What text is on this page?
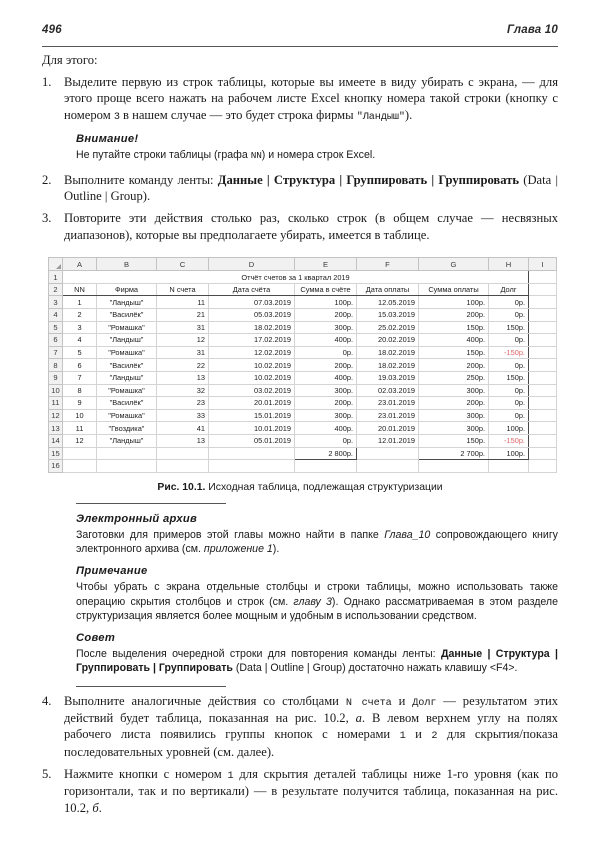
496	Глава 10

Для этого:

1. Выделите первую из строк таблицы, которые вы имеете в виду убирать с экрана, — для этого проще всего нажать на рабочем листе Excel кнопку номера такой строки (кнопку с номером 3 в нашем случае — это будет строка фирмы "Ландыш").
Внимание!
Не путайте строки таблицы (графа NN) и номера строк Excel.
2. Выполните команду ленты: Данные | Структура | Группировать | Группировать (Data | Outline | Group).
3. Повторите эти действия столько раз, сколько строк (в общем случае — несвязных диапазонов), которые вы предполагаете убирать, имеется в таблице.
	A	B	C	D	E	F	G	H	I
1	Отчёт счетов за 1 квартал 2019								
2	NN	Фирма	N счета	Дата счёта	Сумма в счёте	Дата оплаты	Сумма оплаты	Долг	
3	1	"Ландыш"	11	07.03.2019	100р.	12.05.2019	100р.	0р.	
4	2	"Василёк"	21	05.03.2019	200р.	15.03.2019	200р.	0р.	
5	3	"Ромашка"	31	18.02.2019	300р.	25.02.2019	150р.	150р.	
6	4	"Ландыш"	12	17.02.2019	400р.	20.02.2019	400р.	0р.	
7	5	"Ромашка"	31	12.02.2019	0р.	18.02.2019	150р.	-150р.	
8	6	"Василёк"	22	10.02.2019	200р.	18.02.2019	200р.	0р.	
9	7	"Ландыш"	13	10.02.2019	400р.	19.03.2019	250р.	150р.	
10	8	"Ромашка"	32	03.02.2019	300р.	02.03.2019	300р.	0р.	
11	9	"Василёк"	23	20.01.2019	200р.	23.01.2019	200р.	0р.	
12	10	"Ромашка"	33	15.01.2019	300р.	23.01.2019	300р.	0р.	
13	11	"Гвоздика"	41	10.01.2019	400р.	20.01.2019	300р.	100р.	
14	12	"Ландыш"	13	05.01.2019	0р.	12.01.2019	150р.	-150р.	
15					2 800р.		2 700р.	100р.	
16									
Рис. 10.1. Исходная таблица, подлежащая структуризации
Электронный архив
Заготовки для примеров этой главы можно найти в папке Глава_10 сопровождающего книгу электронного архива (см. приложение 1).
Примечание
Чтобы убрать с экрана отдельные столбцы и строки таблицы, можно использовать также операцию скрытия столбцов и строк (см. главу 3). Однако рассматриваемая в этом разделе структуризация является более мощным и удобным в использовании средством.
Совет
После выделения очередной строки для повторения команды ленты: Данные | Структура | Группировать | Группировать (Data | Outline | Group) достаточно нажать клавишу <F4>.
4. Выполните аналогичные действия со столбцами N счета и Долг — результатом этих действий будет таблица, показанная на рис. 10.2, а. В левом верхнем углу на полях рабочего листа появились группы кнопок с номерами 1 и 2 для скрытия/показа последовательных уровней (см. далее).
5. Нажмите кнопки с номером 1 для скрытия деталей таблицы ниже 1-го уровня (как по горизонтали, так и по вертикали) — в результате получится таблица, показанная на рис. 10.2, б.
